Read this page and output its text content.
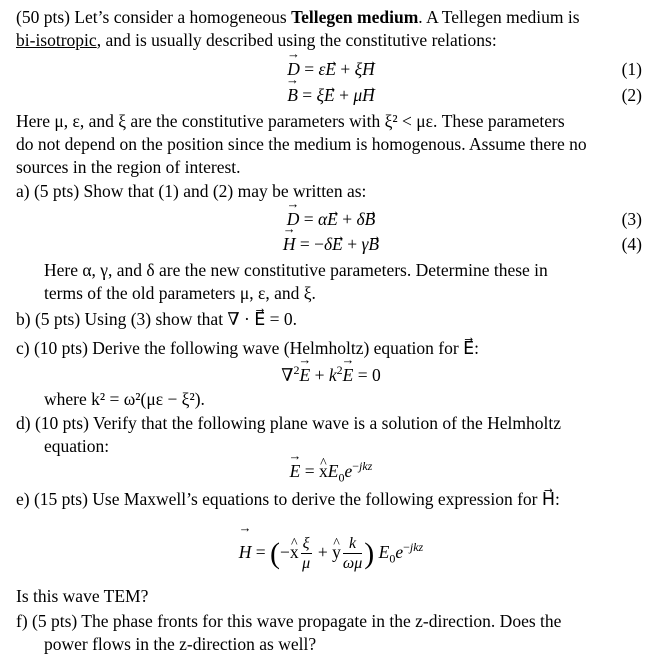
(50 pts) Let’s consider a homogeneous Tellegen medium. A Tellegen medium is
bi-isotropic, and is usually described using the constitutive relations:
→ D = εE⃗ + ξH	(1)
→ B = ξE⃗ + μH	(2)
Here μ, ε, and ξ are the constitutive parameters with ξ² < με. These parameters
do not depend on the position since the medium is homogenous. Assume there no
sources in the region of interest.
a) (5 pts) Show that (1) and (2) may be written as:
→ D = αE⃗ + δB	(3)
→ H = −δE⃗ + γB	(4)
Here α, γ, and δ are the new constitutive parameters. Determine these in
terms of the old parameters μ, ε, and ξ.
b) (5 pts) Using (3) show that ∇ · E⃗ = 0.
c) (10 pts) Derive the following wave (Helmholtz) equation for E⃗:
$\nabla^2\to E + k^2\to E = 0$
where k² = ω²(με − ξ²).
d) (10 pts) Verify that the following plane wave is a solution of the Helmholtz
equation:
→ E = ^ $xE_0e^{-jkz}$
e) (15 pts) Use Maxwell’s equations to derive the following expression for H⃗:
→ H = (−^ x $\frac{\xi}{\mu}$ + ^ y $\frac{k}{\omega\mu}$ ) $E_0e^{-jkz}$
Is this wave TEM?
f) (5 pts) The phase fronts for this wave propagate in the z-direction. Does the
power flows in the z-direction as well?
